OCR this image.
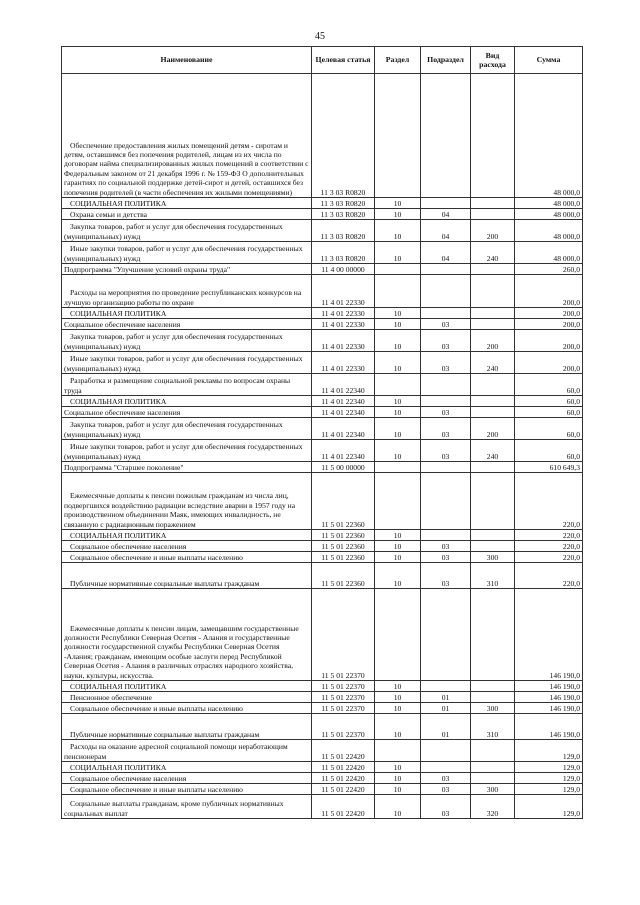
45
Наименование	Целевая статья	Раздел	Подраздел	Вид расхода	Сумма
Обеспечение предоставления жилых помещений детям - сиротам и детям, оставшимся без попечения родителей, лицам из их числа по договорам найма специализированных жилых помещений в соответствии с Федеральным законом от 21 декабря 1996 г. № 159-ФЗ О дополнительных гарантиях по социальной поддержке детей-сирот и детей, оставшихся без попечения родителей (в части обеспечения их жилыми помещениями)	11 3 03 R0820				48 000,0
СОЦИАЛЬНАЯ ПОЛИТИКА	11 3 03 R0820	10			48 000,0
Охрана семьи и детства	11 3 03 R0820	10	04		48 000,0
Закупка товаров, работ и услуг для обеспечения государственных (муниципальных) нужд	11 3 03 R0820	10	04	200	48 000,0
Иные закупки товаров, работ и услуг для обеспечения государственных (муниципальных) нужд	11 3 03 R0820	10	04	240	48 000,0
Подпрограмма "Улучшение условий охраны труда"	11 4 00 00000				260,0
Расходы на мероприятия по проведение республиканских конкурсов на лучшую организацию работы по охране	11 4 01 22330				200,0
СОЦИАЛЬНАЯ ПОЛИТИКА	11 4 01 22330	10			200,0
Социальное обеспечение населения	11 4 01 22330	10	03		200,0
Закупка товаров, работ и услуг для обеспечения государственных (муниципальных) нужд	11 4 01 22330	10	03	200	200,0
Иные закупки товаров, работ и услуг для обеспечения государственных (муниципальных) нужд	11 4 01 22330	10	03	240	200,0
Разработка и размещение социальной рекламы по вопросам охраны труда	11 4 01 22340				60,0
СОЦИАЛЬНАЯ ПОЛИТИКА	11 4 01 22340	10			60,0
Социальное обеспечение населения	11 4 01 22340	10	03		60,0
Закупка товаров, работ и услуг для обеспечения государственных (муниципальных) нужд	11 4 01 22340	10	03	200	60,0
Иные закупки товаров, работ и услуг для обеспечения государственных (муниципальных) нужд	11 4 01 22340	10	03	240	60,0
Подпрограмма "Старшее поколение"	11 5 00 00000				610 649,3
Ежемесячные доплаты к пенсии пожилым гражданам из числа лиц, подвергшихся воздействию радиации вследствие аварии в 1957 году на производственном объединении Маяк, имеющих инвалидность, не связанную с радиационным поражением	11 5 01 22360				220,0
СОЦИАЛЬНАЯ ПОЛИТИКА	11 5 01 22360	10			220,0
Социальное обеспечение населения	11 5 01 22360	10	03		220,0
Социальное обеспечение и иные выплаты населению	11 5 01 22360	10	03	300	220,0
Публичные нормативные социальные выплаты гражданам	11 5 01 22360	10	03	310	220,0
Ежемесячные доплаты к пенсии лицам, замещавшим государственные должности Республики Северная Осетия - Алания и государственные должности государственной службы Республики Северная Осетия -Алания; гражданам, имеющим особые заслуги перед Республикой Северная Осетия - Алания в различных отраслях народного хозяйства, науки, культуры, искусства.	11 5 01 22370				146 190,0
СОЦИАЛЬНАЯ ПОЛИТИКА	11 5 01 22370	10			146 190,0
Пенсионное обеспечение	11 5 01 22370	10	01		146 190,0
Социальное обеспечение и иные выплаты населению	11 5 01 22370	10	01	300	146 190,0
Публичные нормативные социальные выплаты гражданам	11 5 01 22370	10	01	310	146 190,0
Расходы на оказание адресной социальной помощи неработающим пенсионерам	11 5 01 22420				129,0
СОЦИАЛЬНАЯ ПОЛИТИКА	11 5 01 22420	10			129,0
Социальное обеспечение населения	11 5 01 22420	10	03		129,0
Социальное обеспечение и иные выплаты населению	11 5 01 22420	10	03	300	129,0
Социальные выплаты гражданам, кроме публичных нормативных социальных выплат	11 5 01 22420	10	03	320	129,0
